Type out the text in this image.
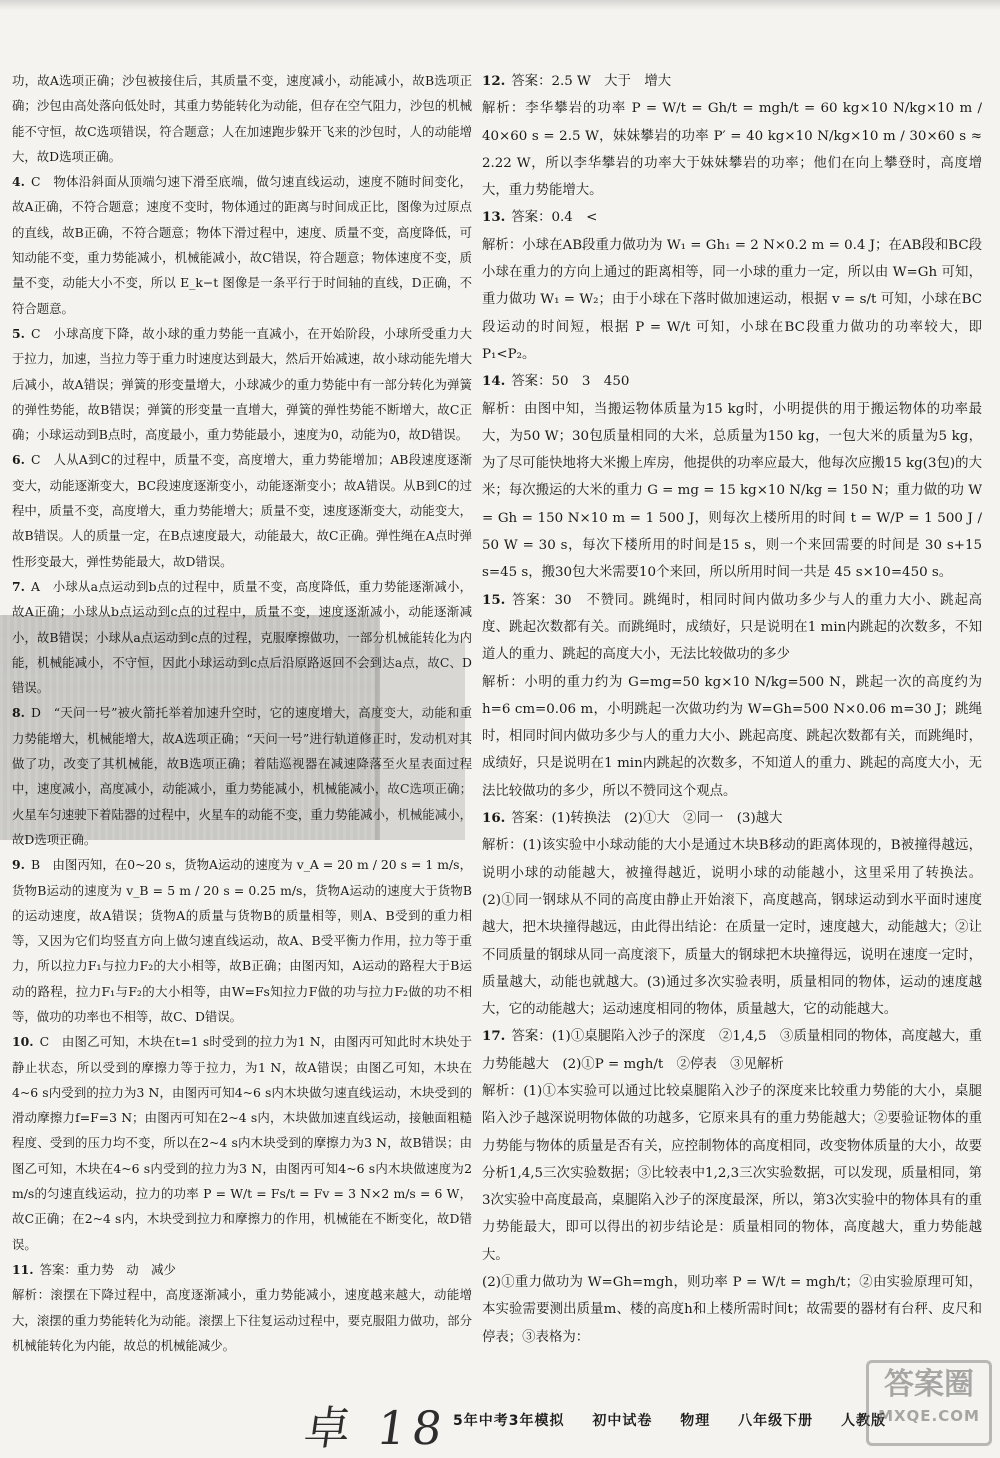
功，故A选项正确；沙包被接住后，其质量不变，速度减小，动能减小，故B选项正确；沙包由高处落向低处时，其重力势能转化为动能，但存在空气阻力，沙包的机械能不守恒，故C选项错误，符合题意；人在加速跑步躲开飞来的沙包时，人的动能增大，故D选项正确。

4. C　物体沿斜面从顶端匀速下滑至底端，做匀速直线运动，速度不随时间变化，故A正确，不符合题意；速度不变时，物体通过的距离与时间成正比，图像为过原点的直线，故B正确，不符合题意；物体下滑过程中，速度、质量不变，高度降低，可知动能不变，重力势能减小，机械能减小，故C错误，符合题意；物体速度不变，质量不变，动能大小不变，所以 E_k−t 图像是一条平行于时间轴的直线，D正确，不符合题意。

5. C　小球高度下降，故小球的重力势能一直减小，在开始阶段，小球所受重力大于拉力，加速，当拉力等于重力时速度达到最大，然后开始减速，故小球动能先增大后减小，故A错误；弹簧的形变量增大，小球减少的重力势能中有一部分转化为弹簧的弹性势能，故B错误；弹簧的形变量一直增大，弹簧的弹性势能不断增大，故C正确；小球运动到B点时，高度最小，重力势能最小，速度为0，动能为0，故D错误。

6. C　人从A到C的过程中，质量不变，高度增大，重力势能增加；AB段速度逐渐变大，动能逐渐变大，BC段速度逐渐变小，动能逐渐变小；故A错误。从B到C的过程中，质量不变，高度增大，重力势能增大；质量不变，速度逐渐变大，动能变大，故B错误。人的质量一定，在B点速度最大，动能最大，故C正确。弹性绳在A点时弹性形变最大，弹性势能最大，故D错误。

7. A　小球从a点运动到b点的过程中，质量不变，高度降低，重力势能逐渐减小，故A正确；小球从b点运动到c点的过程中，质量不变，速度逐渐减小，动能逐渐减小，故B错误；小球从a点运动到c点的过程，克服摩擦做功，一部分机械能转化为内能，机械能减小，不守恒，因此小球运动到c点后沿原路返回不会到达a点，故C、D错误。

8. D　“天问一号”被火箭托举着加速升空时，它的速度增大，高度变大，动能和重力势能增大，机械能增大，故A选项正确；“天问一号”进行轨道修正时，发动机对其做了功，改变了其机械能，故B选项正确；着陆巡视器在减速降落至火星表面过程中，速度减小，高度减小，动能减小，重力势能减小，机械能减小，故C选项正确；火星车匀速驶下着陆器的过程中，火星车的动能不变，重力势能减小，机械能减小，故D选项正确。

9. B　由图丙知，在0~20 s，货物A运动的速度为 v_A = 20 m / 20 s = 1 m/s，货物B运动的速度为 v_B = 5 m / 20 s = 0.25 m/s，货物A运动的速度大于货物B的运动速度，故A错误；货物A的质量与货物B的质量相等，则A、B受到的重力相等，又因为它们均竖直方向上做匀速直线运动，故A、B受平衡力作用，拉力等于重力，所以拉力F₁与拉力F₂的大小相等，故B正确；由图丙知，A运动的路程大于B运动的路程，拉力F₁与F₂的大小相等，由W=Fs知拉力F做的功与拉力F₂做的功不相等，做功的功率也不相等，故C、D错误。

10. C　由图乙可知，木块在t=1 s时受到的拉力为1 N，由图丙可知此时木块处于静止状态，所以受到的摩擦力等于拉力，为1 N，故A错误；由图乙可知，木块在4~6 s内受到的拉力为3 N，由图丙可知4~6 s内木块做匀速直线运动，木块受到的滑动摩擦力f=F=3 N；由图丙可知在2~4 s内，木块做加速直线运动，接触面粗糙程度、受到的压力均不变，所以在2~4 s内木块受到的摩擦力为3 N，故B错误；由图乙可知，木块在4~6 s内受到的拉力为3 N，由图丙可知4~6 s内木块做速度为2 m/s的匀速直线运动，拉力的功率 P = W/t = Fs/t = Fv = 3 N×2 m/s = 6 W，故C正确；在2~4 s内，木块受到拉力和摩擦力的作用，机械能在不断变化，故D错误。

11. 答案：重力势　动　减少

解析：滚摆在下降过程中，高度逐渐减小，重力势能减小，速度越来越大，动能增大，滚摆的重力势能转化为动能。滚摆上下往复运动过程中，要克服阻力做功，部分机械能转化为内能，故总的机械能减少。

12. 答案：2.5 W　大于　增大

解析：李华攀岩的功率 P = W/t = Gh/t = mgh/t = 60 kg×10 N/kg×10 m / 40×60 s = 2.5 W，妹妹攀岩的功率 P′ = 40 kg×10 N/kg×10 m / 30×60 s ≈ 2.22 W，所以李华攀岩的功率大于妹妹攀岩的功率；他们在向上攀登时，高度增大，重力势能增大。

13. 答案：0.4　<

解析：小球在AB段重力做功为 W₁ = Gh₁ = 2 N×0.2 m = 0.4 J；在AB段和BC段小球在重力的方向上通过的距离相等，同一小球的重力一定，所以由 W=Gh 可知，重力做功 W₁ = W₂；由于小球在下落时做加速运动，根据 v = s/t 可知，小球在BC段运动的时间短，根据 P = W/t 可知，小球在BC段重力做功的功率较大，即 P₁<P₂。

14. 答案：50　3　450

解析：由图中知，当搬运物体质量为15 kg时，小明提供的用于搬运物体的功率最大，为50 W；30包质量相同的大米，总质量为150 kg，一包大米的质量为5 kg，为了尽可能快地将大米搬上库房，他提供的功率应最大，他每次应搬15 kg(3包)的大米；每次搬运的大米的重力 G = mg = 15 kg×10 N/kg = 150 N；重力做的功 W = Gh = 150 N×10 m = 1 500 J，则每次上楼所用的时间 t = W/P = 1 500 J / 50 W = 30 s，每次下楼所用的时间是15 s，则一个来回需要的时间是 30 s+15 s=45 s，搬30包大米需要10个来回，所以所用时间一共是 45 s×10=450 s。

15. 答案：30　不赞同。跳绳时，相同时间内做功多少与人的重力大小、跳起高度、跳起次数都有关。而跳绳时，成绩好，只是说明在1 min内跳起的次数多，不知道人的重力、跳起的高度大小，无法比较做功的多少

解析：小明的重力约为 G=mg=50 kg×10 N/kg=500 N，跳起一次的高度约为 h=6 cm=0.06 m，小明跳起一次做功约为 W=Gh=500 N×0.06 m=30 J；跳绳时，相同时间内做功多少与人的重力大小、跳起高度、跳起次数都有关，而跳绳时，成绩好，只是说明在1 min内跳起的次数多，不知道人的重力、跳起的高度大小，无法比较做功的多少，所以不赞同这个观点。

16. 答案：(1)转换法　(2)①大　②同一　(3)越大

解析：(1)该实验中小球动能的大小是通过木块B移动的距离体现的，B被撞得越远，说明小球的动能越大，被撞得越近，说明小球的动能越小，这里采用了转换法。(2)①同一钢球从不同的高度由静止开始滚下，高度越高，钢球运动到水平面时速度越大，把木块撞得越远，由此得出结论：在质量一定时，速度越大，动能越大；②让不同质量的钢球从同一高度滚下，质量大的钢球把木块撞得远，说明在速度一定时，质量越大，动能也就越大。(3)通过多次实验表明，质量相同的物体，运动的速度越大，它的动能越大；运动速度相同的物体，质量越大，它的动能越大。

17. 答案：(1)①桌腿陷入沙子的深度　②1,4,5　③质量相同的物体，高度越大，重力势能越大　(2)①P = mgh/t　②停表　③见解析

解析：(1)①本实验可以通过比较桌腿陷入沙子的深度来比较重力势能的大小，桌腿陷入沙子越深说明物体做的功越多，它原来具有的重力势能越大；②要验证物体的重力势能与物体的质量是否有关，应控制物体的高度相同，改变物体质量的大小，故要分析1,4,5三次实验数据；③比较表中1,2,3三次实验数据，可以发现，质量相同，第3次实验中高度最高，桌腿陷入沙子的深度最深，所以，第3次实验中的物体具有的重力势能最大，即可以得出的初步结论是：质量相同的物体，高度越大，重力势能越大。

(2)①重力做功为 W=Gh=mgh，则功率 P = W/t = mgh/t；②由实验原理可知，本实验需要测出质量m、楼的高度h和上楼所需时间t；故需要的器材有台秤、皮尺和停表；③表格为：

卓 18 5年中考3年模拟 初中试卷 物理 八年级下册 人教版
答案圈
MXQE.COM
